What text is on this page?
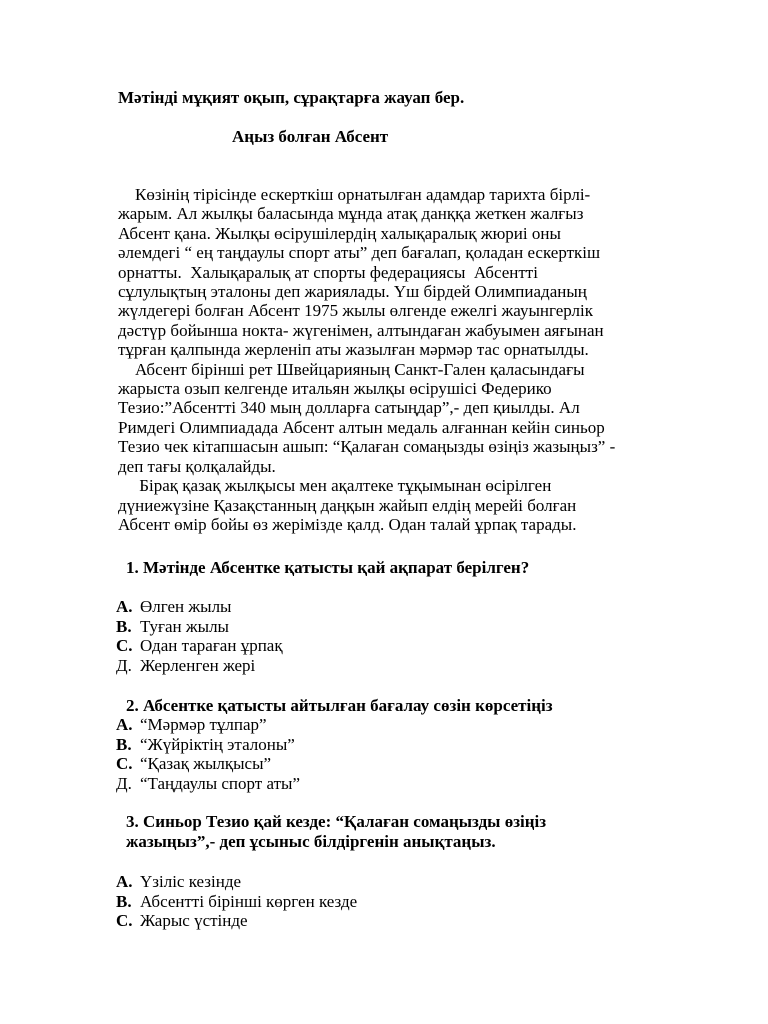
Мәтінді мұқият оқып, сұрақтарға жауап бер.
Аңыз болған Абсент
Көзінің тірісінде ескерткіш орнатылған адамдар тарихта бірлі-
жарым. Ал жылқы баласында мұнда атақ данққа жеткен жалғыз
Абсент қана. Жылқы өсірушілердің халықаралық жюриі оны
әлемдегі “ ең таңдаулы спорт аты” деп бағалап, қоладан ескерткіш
орнатты.  Халықаралық ат спорты федерациясы  Абсентті
сұлулықтың эталоны деп жариялады. Үш бірдей Олимпиаданың
жүлдегері болған Абсент 1975 жылы өлгенде ежелгі жауынгерлік
дәстүр бойынша нокта- жүгенімен, алтындаған жабуымен аяғынан
тұрған қалпында жерленіп аты жазылған мәрмәр тас орнатылды.
Абсент бірінші рет Швейцарияның Санкт-Гален қаласындағы
жарыста озып келгенде итальян жылқы өсірушісі Федерико
Тезио:”Абсентті 340 мың долларға сатыңдар”,- деп қиылды. Ал
Римдегі Олимпиадада Абсент алтын медаль алғаннан кейін синьор
Тезио чек кітапшасын ашып: “Қалаған сомаңызды өзіңіз жазыңыз” -
деп тағы қолқалайды.
Бірақ қазақ жылқысы мен ақалтеке тұқымынан өсірілген
дүниежүзіне Қазақстанның даңқын жайып елдің мерейі болған
Абсент өмір бойы өз жерімізде қалд. Одан талай ұрпақ тарады.
1. Мәтінде Абсентке қатысты қай ақпарат берілген?
A. Өлген жылы
B. Туған жылы
C. Одан тараған ұрпақ
Д. Жерленген жері
2. Абсентке қатысты айтылған бағалау сөзін көрсетіңіз
A. “Мәрмәр тұлпар”
B. “Жүйріктің эталоны”
C. “Қазақ жылқысы”
Д. “Таңдаулы спорт аты”
3. Синьор Тезио қай кезде: “Қалаған сомаңызды өзіңіз
жазыңыз”,- деп ұсыныс білдіргенін анықтаңыз.
A. Үзіліс кезінде
B. Абсентті бірінші көрген кезде
C. Жарыс үстінде
